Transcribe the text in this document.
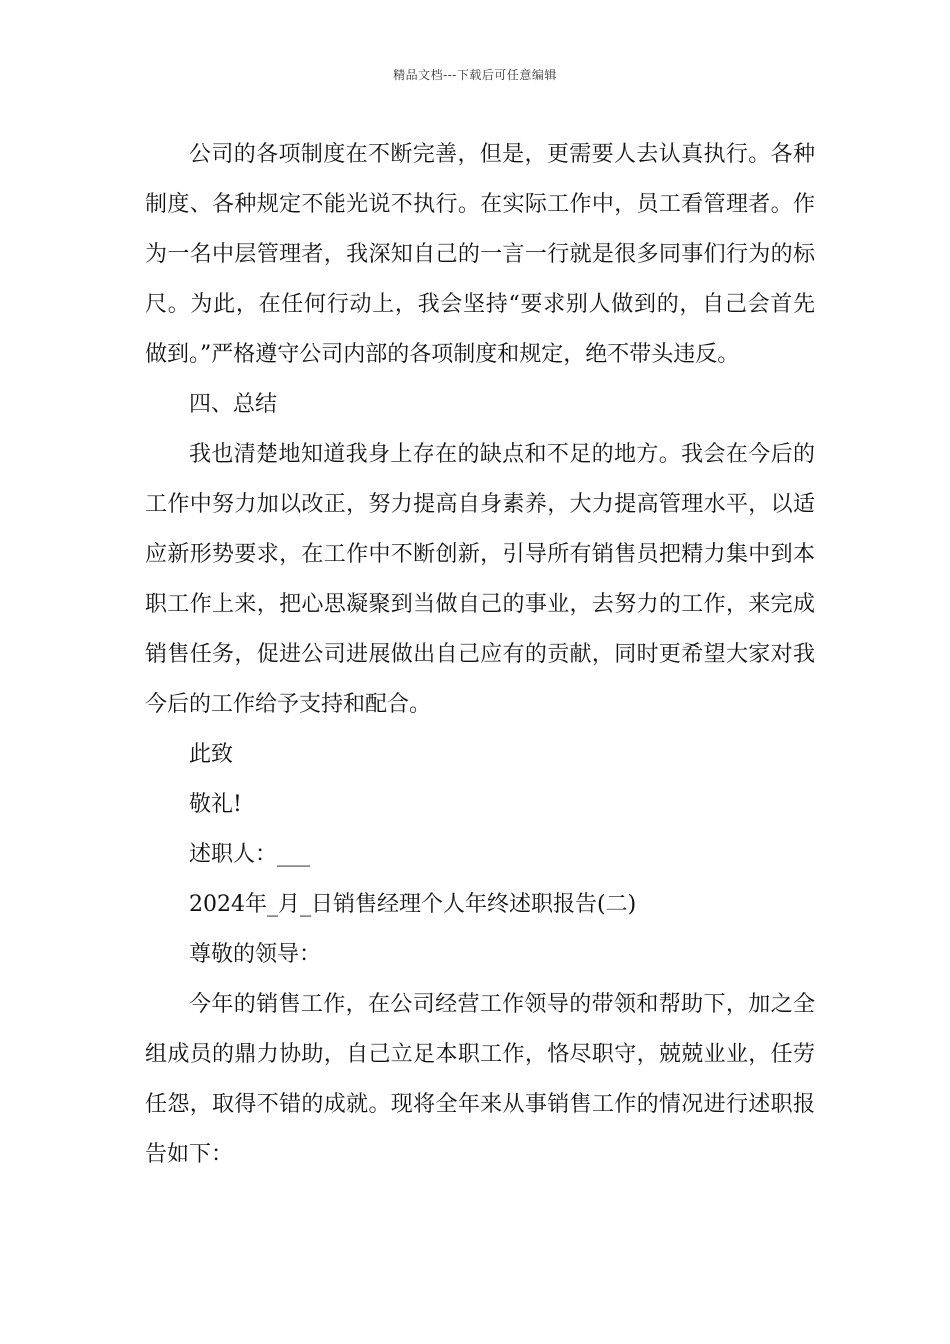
精品文档---下载后可任意编辑

公司的各项制度在不断完善，但是，更需要人去认真执行。各种制度、各种规定不能光说不执行。在实际工作中，员工看管理者。作为一名中层管理者，我深知自己的一言一行就是很多同事们行为的标尺。为此，在任何行动上，我会坚持“要求别人做到的，自己会首先做到。”严格遵守公司内部的各项制度和规定，绝不带头违反。

四、总结

我也清楚地知道我身上存在的缺点和不足的地方。我会在今后的工作中努力加以改正，努力提高自身素养，大力提高管理水平，以适应新形势要求，在工作中不断创新，引导所有销售员把精力集中到本职工作上来，把心思凝聚到当做自己的事业，去努力的工作，来完成销售任务，促进公司进展做出自己应有的贡献，同时更希望大家对我今后的工作给予支持和配合。

此致

敬礼!

述职人：___

2024年_月_日销售经理个人年终述职报告(二)

尊敬的领导：

今年的销售工作，在公司经营工作领导的带领和帮助下，加之全组成员的鼎力协助，自己立足本职工作，恪尽职守，兢兢业业，任劳任怨，取得不错的成就。现将全年来从事销售工作的情况进行述职报告如下：
